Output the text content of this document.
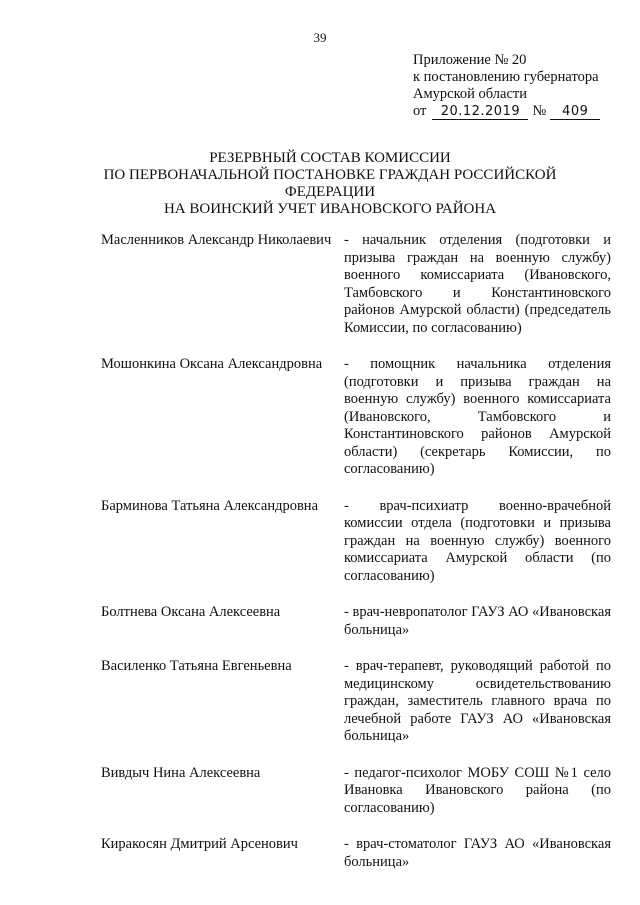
39
Приложение № 20
к постановлению губернатора
Амурской области
от 20.12.2019 № 409
РЕЗЕРВНЫЙ СОСТАВ КОМИССИИ
ПО ПЕРВОНАЧАЛЬНОЙ ПОСТАНОВКЕ ГРАЖДАН РОССИЙСКОЙ ФЕДЕРАЦИИ
НА ВОИНСКИЙ УЧЕТ ИВАНОВСКОГО РАЙОНА
Масленников Александр Николаевич - начальник отделения (подготовки и призыва граждан на военную службу) военного комиссариата (Ивановского, Тамбовского и Константиновского районов Амурской области) (председатель Комиссии, по согласованию)
Мошонкина Оксана Александровна	- помощник начальника отделения (подготовки и призыва граждан на военную службу) военного комиссариата (Ивановского, Тамбовского и Константиновского районов Амурской области) (секретарь Комиссии, по согласованию)
Барминова Татьяна Александровна	- врач-психиатр военно-врачебной комиссии отдела (подготовки и призыва граждан на военную службу) военного комиссариата Амурской области (по согласованию)
Болтнева Оксана Алексеевна	- врач-невропатолог ГАУЗ АО «Ивановская больница»
Василенко Татьяна Евгеньевна	- врач-терапевт, руководящий работой по медицинскому освидетельствованию граждан, заместитель главного врача по лечебной работе ГАУЗ АО «Ивановская больница»
Вивдыч Нина Алексеевна	- педагог-психолог МОБУ СОШ №1 село Ивановка Ивановского района (по согласованию)
Киракосян Дмитрий Арсенович	- врач-стоматолог ГАУЗ АО «Ивановская больница»
